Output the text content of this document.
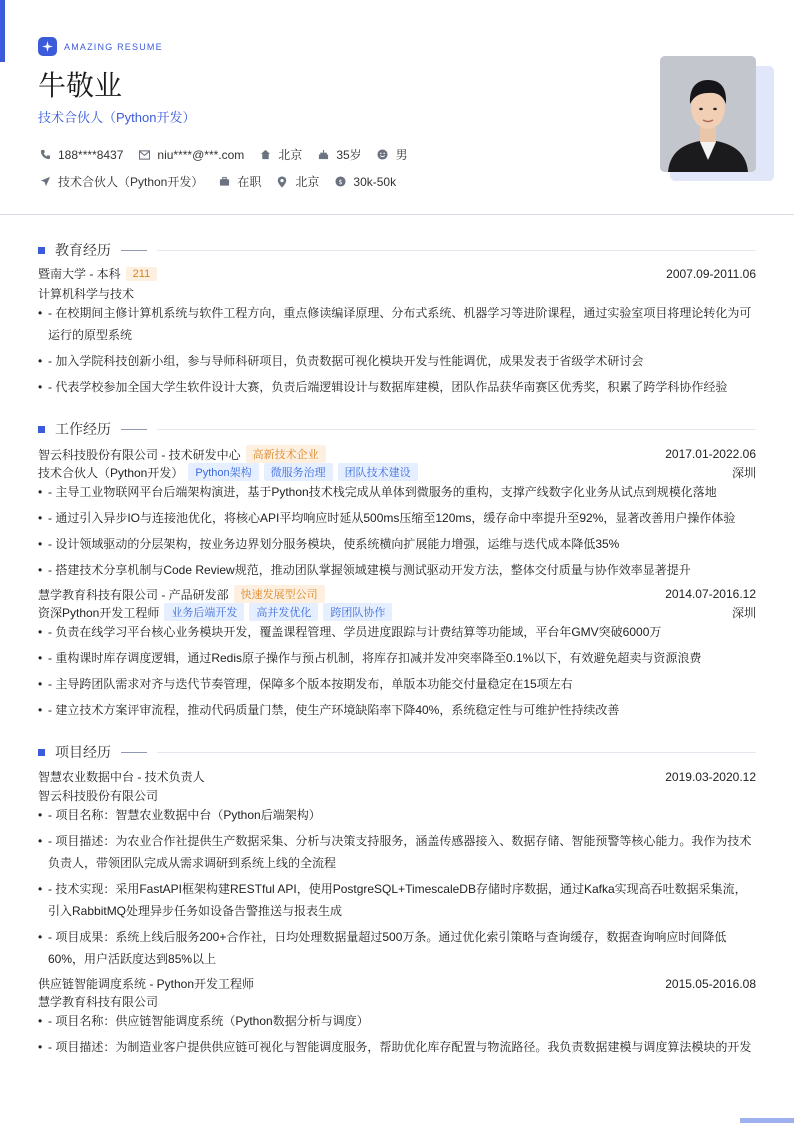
AMAZING RESUME
牛敬业
技术合伙人（Python开发）
188****8437	niu****@***.com	北京	35岁	男
技术合伙人（Python开发）	在职	北京	$ 30k-50k
教育经历
暨南大学 - 本科	211	2007.09-2011.06
计算机科学与技术
• - 在校期间主修计算机系统与软件工程方向，重点修读编译原理、分布式系统、机器学习等进阶课程，通过实验室项目将理论转化为可运行的原型系统
• - 加入学院科技创新小组，参与导师科研项目，负责数据可视化模块开发与性能调优，成果发表于省级学术研讨会
• - 代表学校参加全国大学生软件设计大赛，负责后端逻辑设计与数据库建模，团队作品获华南赛区优秀奖，积累了跨学科协作经验
工作经历
智云科技股份有限公司 - 技术研发中心	高新技术企业	2017.01-2022.06
技术合伙人（Python开发）	Python架构	微服务治理	团队技术建设	深圳
• - 主导工业物联网平台后端架构演进，基于Python技术栈完成从单体到微服务的重构，支撑产线数字化业务从试点到规模化落地
• - 通过引入异步IO与连接池优化，将核心API平均响应时延从500ms压缩至120ms，缓存命中率提升至92%，显著改善用户操作体验
• - 设计领域驱动的分层架构，按业务边界划分服务模块，使系统横向扩展能力增强，运维与迭代成本降低35%
• - 搭建技术分享机制与Code Review规范，推动团队掌握领域建模与测试驱动开发方法，整体交付质量与协作效率显著提升
慧学教育科技有限公司 - 产品研发部	快速发展型公司	2014.07-2016.12
资深Python开发工程师	业务后端开发	高并发优化	跨团队协作	深圳
• - 负责在线学习平台核心业务模块开发，覆盖课程管理、学员进度跟踪与计费结算等功能域，平台年GMV突破6000万
• - 重构课时库存调度逻辑，通过Redis原子操作与预占机制，将库存扣减并发冲突率降至0.1%以下，有效避免超卖与资源浪费
• - 主导跨团队需求对齐与迭代节奏管理，保障多个版本按期发布，单版本功能交付量稳定在15项左右
• - 建立技术方案评审流程，推动代码质量门禁，使生产环境缺陷率下降40%，系统稳定性与可维护性持续改善
项目经历
智慧农业数据中台 - 技术负责人	2019.03-2020.12
智云科技股份有限公司
• - 项目名称：智慧农业数据中台（Python后端架构）
• - 项目描述：为农业合作社提供生产数据采集、分析与决策支持服务，涵盖传感器接入、数据存储、智能预警等核心能力。我作为技术负责人，带领团队完成从需求调研到系统上线的全流程
• - 技术实现：采用FastAPI框架构建RESTful API，使用PostgreSQL+TimescaleDB存储时序数据，通过Kafka实现高吞吐数据采集流，引入RabbitMQ处理异步任务如设备告警推送与报表生成
• - 项目成果：系统上线后服务200+合作社，日均处理数据量超过500万条。通过优化索引策略与查询缓存，数据查询响应时间降低60%，用户活跃度达到85%以上
供应链智能调度系统 - Python开发工程师	2015.05-2016.08
慧学教育科技有限公司
• - 项目名称：供应链智能调度系统（Python数据分析与调度）
• - 项目描述：为制造业客户提供供应链可视化与智能调度服务，帮助优化库存配置与物流路径。我负责数据建模与调度算法模块的开发
